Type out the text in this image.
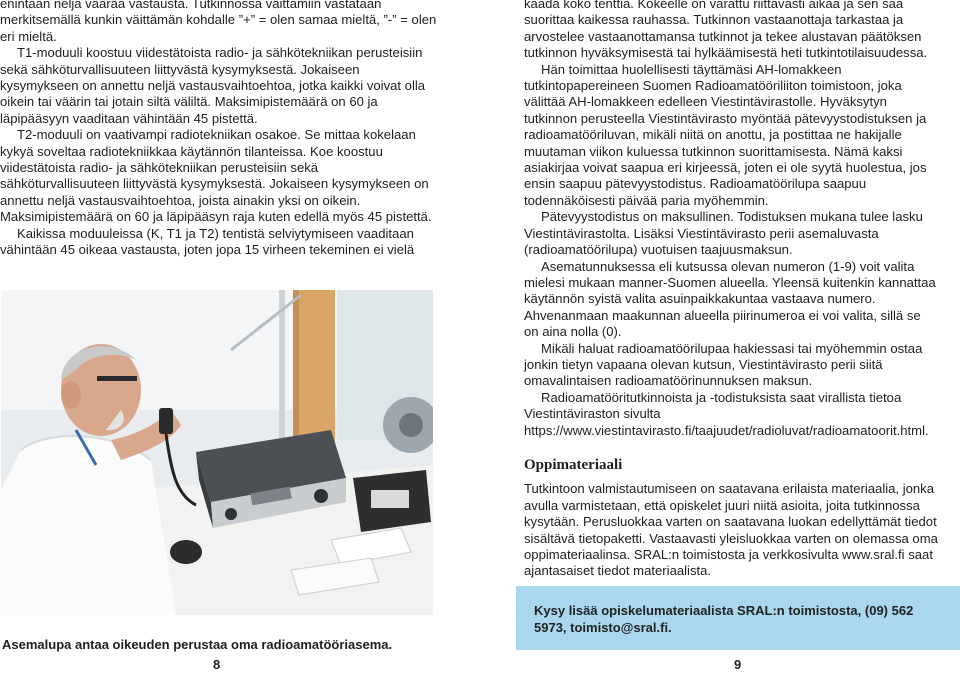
enintään neljä väärää vastausta. Tutkinnossa väittämiin vastataan merkitsemällä kunkin väittämän kohdalle ”+” = olen samaa mieltä, ”-” = olen eri mieltä.

T1-moduuli koostuu viidestätoista radio- ja sähkötekniikan perusteisiin sekä sähköturvallisuuteen liittyvästä kysymyksestä. Jokaiseen kysymykseen on annettu neljä vastausvaihtoehtoa, jotka kaikki voivat olla oikein tai väärin tai jotain siltä väliltä. Maksimipistemäärä on 60 ja läpipääsyyn vaaditaan vähintään 45 pistettä.

T2-moduuli on vaativampi radiotekniikan osakoe. Se mittaa kokelaan kykyä soveltaa radiotekniikkaa käytännön tilanteissa. Koe koostuu viidestätoista radio- ja sähkötekniikan perusteisiin sekä sähköturvallisuuteen liittyvästä kysymyksestä. Jokaiseen kysymykseen on annettu neljä vastausvaihtoehtoa, joista ainakin yksi on oikein. Maksimipistemäärä on 60 ja läpipääsyn raja kuten edellä myös 45 pistettä.

Kaikissa moduuleissa (K, T1 ja T2) tentistä selviytymiseen vaaditaan vähintään 45 oikeaa vastausta, joten jopa 15 virheen tekeminen ei vielä

Asemalupa antaa oikeuden perustaa oma radioamatööriasema.
8

kaada koko tenttiä. Kokeelle on varattu riittävästi aikaa ja sen saa suorittaa kaikessa rauhassa. Tutkinnon vastaanottaja tarkastaa ja arvostelee vastaanottamansa tutkinnot ja tekee alustavan päätöksen tutkinnon hyväksymisestä tai hylkäämisestä heti tutkintotilaisuudessa.

Hän toimittaa huolellisesti täyttämäsi AH-lomakkeen tutkintopapereineen Suomen Radioamatööriliiton toimistoon, joka välittää AH-lomakkeen edelleen Viestintävirastolle. Hyväksytyn tutkinnon perusteella Viestintävirasto myöntää pätevyystodistuksen ja radioamatööriluvan, mikäli niitä on anottu, ja postittaa ne hakijalle muutaman viikon kuluessa tutkinnon suorittamisesta. Nämä kaksi asiakirjaa voivat saapua eri kirjeessä, joten ei ole syytä huolestua, jos ensin saapuu pätevyystodistus. Radioamatöörilupa saapuu todennäköisesti päivää paria myöhemmin.

Pätevyystodistus on maksullinen. Todistuksen mukana tulee lasku Viestintävirastolta. Lisäksi Viestintävirasto perii asemaluvasta (radioamatöörilupa) vuotuisen taajuusmaksun.

Asematunnuksessa eli kutsussa olevan numeron (1-9) voit valita mielesi mukaan manner-Suomen alueella. Yleensä kuitenkin kannattaa käytännön syistä valita asuinpaikkakuntaa vastaava numero. Ahvenanmaan maakunnan alueella piirinumeroa ei voi valita, sillä se on aina nolla (0).

Mikäli haluat radioamatöörilupaa hakiessasi tai myöhemmin ostaa jonkin tietyn vapaana olevan kutsun, Viestintävirasto perii siitä omavalintaisen radioamatöörinunnuksen maksun.

Radioamatööritutkinnoista ja -todistuksista saat virallista tietoa Viestintäviraston sivulta https://www.viestintavirasto.fi/taajuudet/radioluvat/radioamatoorit.html.

Oppimateriaali

Tutkintoon valmistautumiseen on saatavana erilaista materiaalia, jonka avulla varmistetaan, että opiskelet juuri niitä asioita, joita tutkinnossa kysytään. Perusluokkaa varten on saatavana luokan edellyttämät tiedot sisältävä tietopaketti. Vastaavasti yleisluokkaa varten on olemassa oma oppimateriaalinsa. SRAL:n toimistosta ja verkkosivulta www.sral.fi saat ajantasaiset tiedot materiaalista.

Kysy lisää opiskelumateriaalista SRAL:n toimistosta, (09) 562 5973, toimisto@sral.fi.
9
